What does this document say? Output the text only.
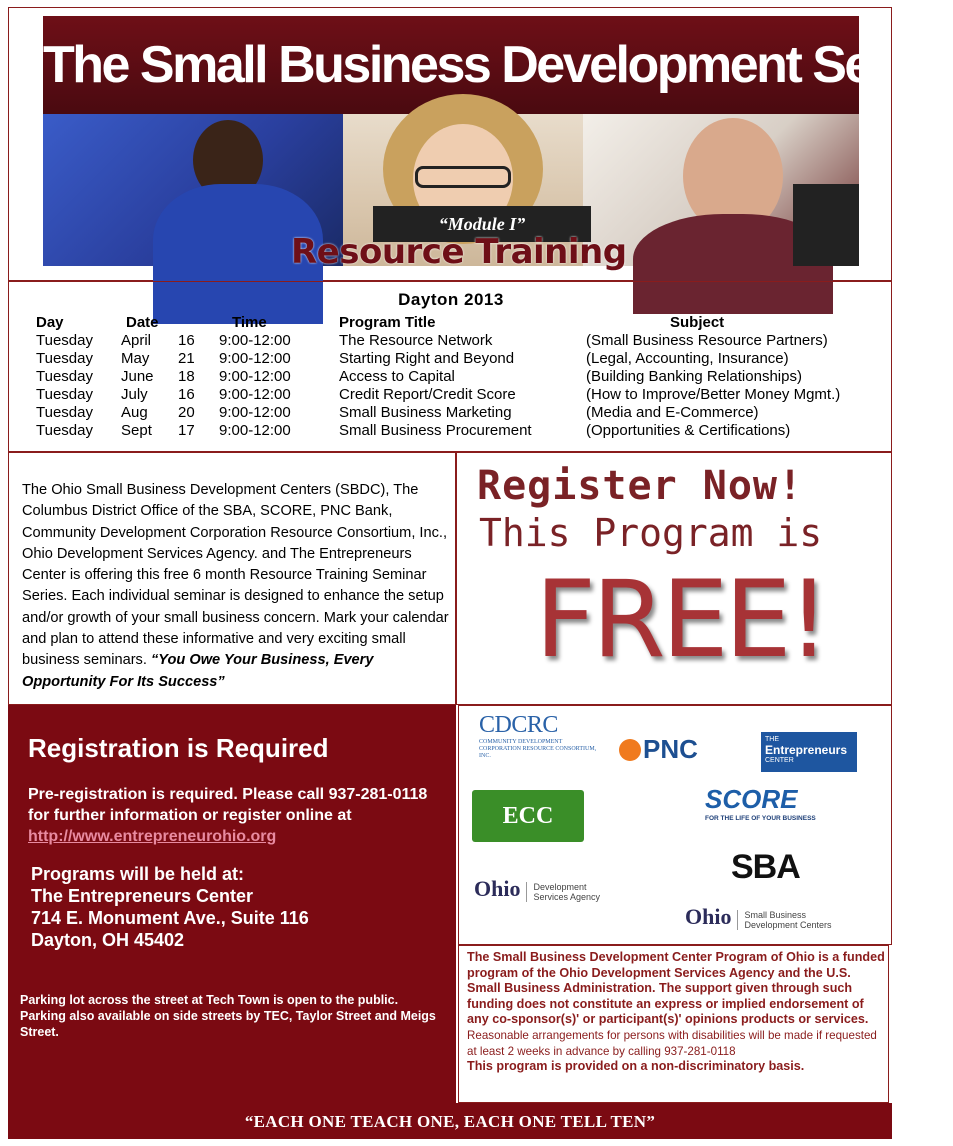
The Small Business Development Series
“Module I”
Resource Training
Dayton 2013
Day	Date	Time	Program Title	Subject
Tuesday April 16 9:00-12:00	The Resource Network	(Small Business Resource Partners)
Tuesday May 21 9:00-12:00	Starting Right and Beyond	(Legal, Accounting, Insurance)
Tuesday June 18 9:00-12:00	Access to Capital	(Building Banking Relationships)
Tuesday July 16 9:00-12:00	Credit Report/Credit Score	(How to Improve/Better Money Mgmt.)
Tuesday Aug 20 9:00-12:00	Small Business Marketing	(Media and E-Commerce)
Tuesday Sept 17 9:00-12:00	Small Business Procurement	(Opportunities & Certifications)
The Ohio Small Business Development Centers (SBDC), The Columbus District Office of the SBA, SCORE, PNC Bank, Community Development Corporation Resource Consortium, Inc., Ohio Development Services Agency. and The Entrepreneurs Center is offering this free 6 month Resource Training Seminar Series. Each individual seminar is designed to enhance the setup and/or growth of your small business concern. Mark your calendar and plan to attend these informative and very exciting small business seminars. “You Owe Your Business, Every Opportunity For Its Success”
Register Now!
This Program is
FREE!
Registration is Required
Pre-registration is required. Please call 937-281-0118 for further information or register online at http://www.entrepreneurohio.org
Programs will be held at:
The Entrepreneurs Center
714 E. Monument Ave., Suite 116
Dayton, OH 45402
Parking lot across the street at Tech Town is open to the public. Parking also available on side streets by TEC, Taylor Street and Meigs Street.
CDCRC
COMMUNITY DEVELOPMENT CORPORATION RESOURCE CONSORTIUM, INC.	PNC	THE
Entrepreneurs
CENTER
ECC
SCORE
FOR THE LIFE OF YOUR BUSINESS
SBA
Ohio Development
Services Agency
Ohio Small Business
Development Centers
The Small Business Development Center Program of Ohio is a funded program of the Ohio Development Services Agency and the U.S. Small Business Administration. The support given through such funding does not constitute an express or implied endorsement of any co-sponsor(s)' or participant(s)' opinions products or services. Reasonable arrangements for persons with disabilities will be made if requested at least 2 weeks in advance by calling 937-281-0118
This program is provided on a non-discriminatory basis.
“EACH ONE TEACH ONE, EACH ONE TELL TEN”
